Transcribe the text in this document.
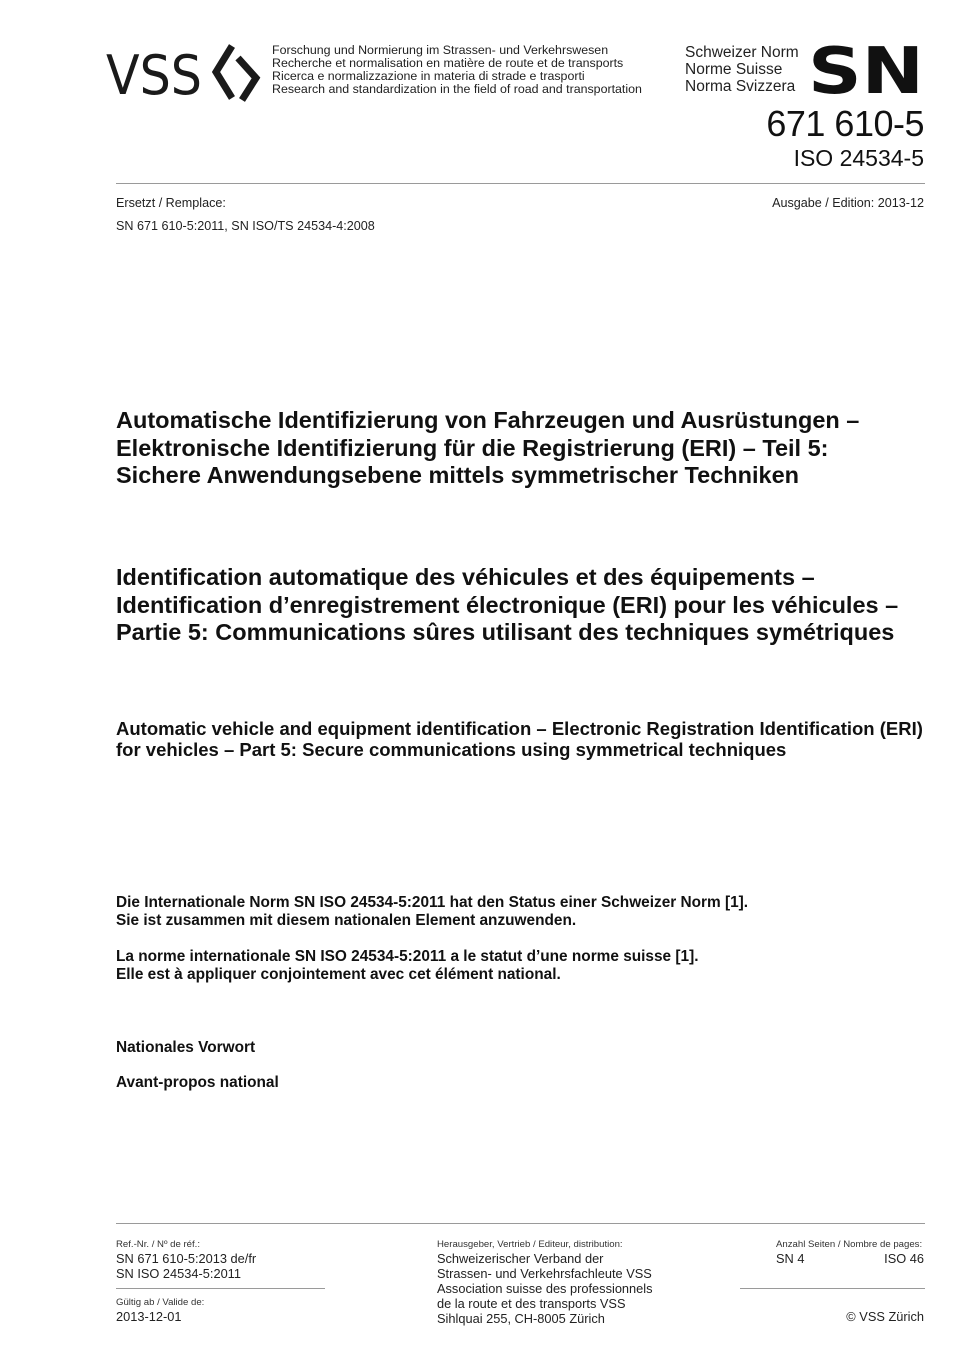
VSS	Forschung und Normierung im Strassen- und Verkehrswesen
Recherche et normalisation en matière de route et de transports
Ricerca e normalizzazione in materia di strade e trasporti
Research and standardization in the field of road and transportation
Schweizer Norm
Norme Suisse
Norma Svizzera SN
671 610-5
ISO 24534-5
Ersetzt / Remplace:	Ausgabe / Edition: 2013-12
SN 671 610-5:2011, SN ISO/TS 24534-4:2008
Automatische Identifizierung von Fahrzeugen und Ausrüstungen – Elektronische Identifizierung für die Registrierung (ERI) – Teil 5: Sichere Anwendungsebene mittels symmetrischer Techniken
Identification automatique des véhicules et des équipements – Identification d’enregistrement électronique (ERI) pour les véhicules – Partie 5: Communications sûres utilisant des techniques symétriques
Automatic vehicle and equipment identification – Electronic Registration Identification (ERI) for vehicles – Part 5: Secure communications using symmetrical techniques
Die Internationale Norm SN ISO 24534-5:2011 hat den Status einer Schweizer Norm [1].
Sie ist zusammen mit diesem nationalen Element anzuwenden.
La norme internationale SN ISO 24534-5:2011 a le statut d’une norme suisse [1].
Elle est à appliquer conjointement avec cet élément national.
Nationales Vorwort
Avant-propos national
Ref.-Nr. / Nº de réf.:
SN 671 610-5:2013 de/fr
SN ISO 24534-5:2011
Gültig ab / Valide de:
2013-12-01
Herausgeber, Vertrieb / Editeur, distribution:
Schweizerischer Verband der
Strassen- und Verkehrsfachleute VSS
Association suisse des professionnels
de la route et des transports VSS
Sihlquai 255, CH-8005 Zürich
Anzahl Seiten / Nombre de pages:
SN 4	ISO 46
© VSS Zürich
